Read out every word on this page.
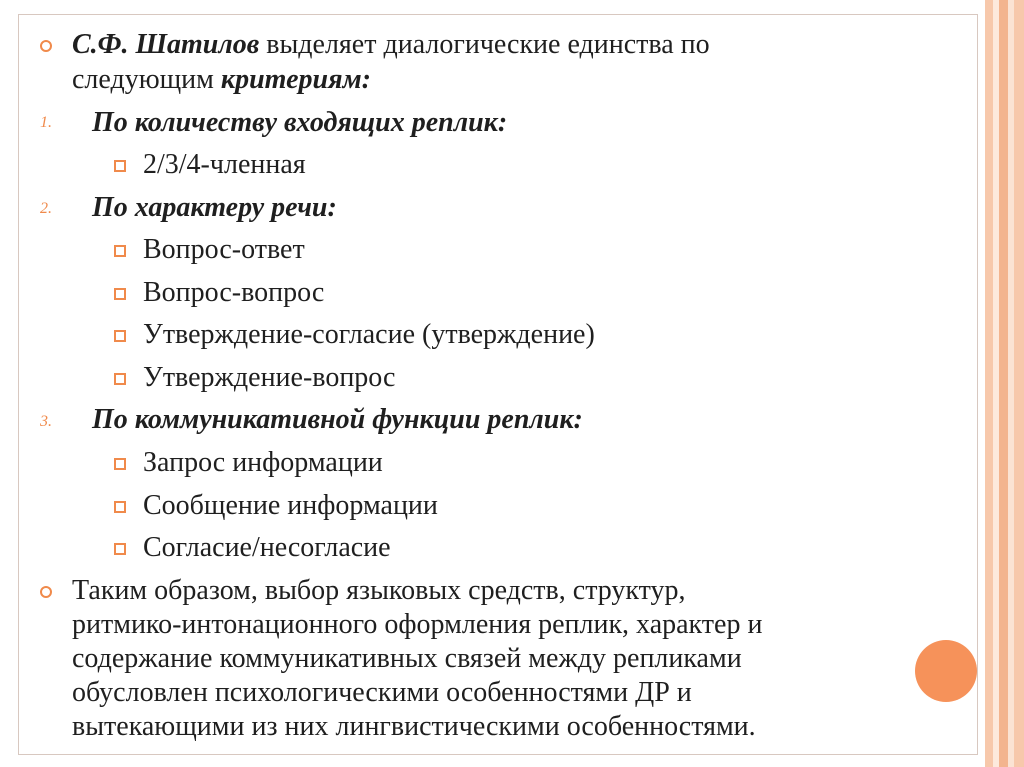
С.Ф. Шатилов выделяет диалогические единства по
следующим критериям:
1. По количеству входящих реплик:
2/3/4-членная
2. По характеру речи:
Вопрос-ответ
Вопрос-вопрос
Утверждение-согласие (утверждение)
Утверждение-вопрос
3. По коммуникативной функции реплик:
Запрос информации
Сообщение информации
Согласие/несогласие
Таким образом, выбор языковых средств, структур,
ритмико-интонационного оформления реплик, характер и
содержание коммуникативных связей между репликами
обусловлен психологическими особенностями ДР и
вытекающими из них лингвистическими особенностями.
